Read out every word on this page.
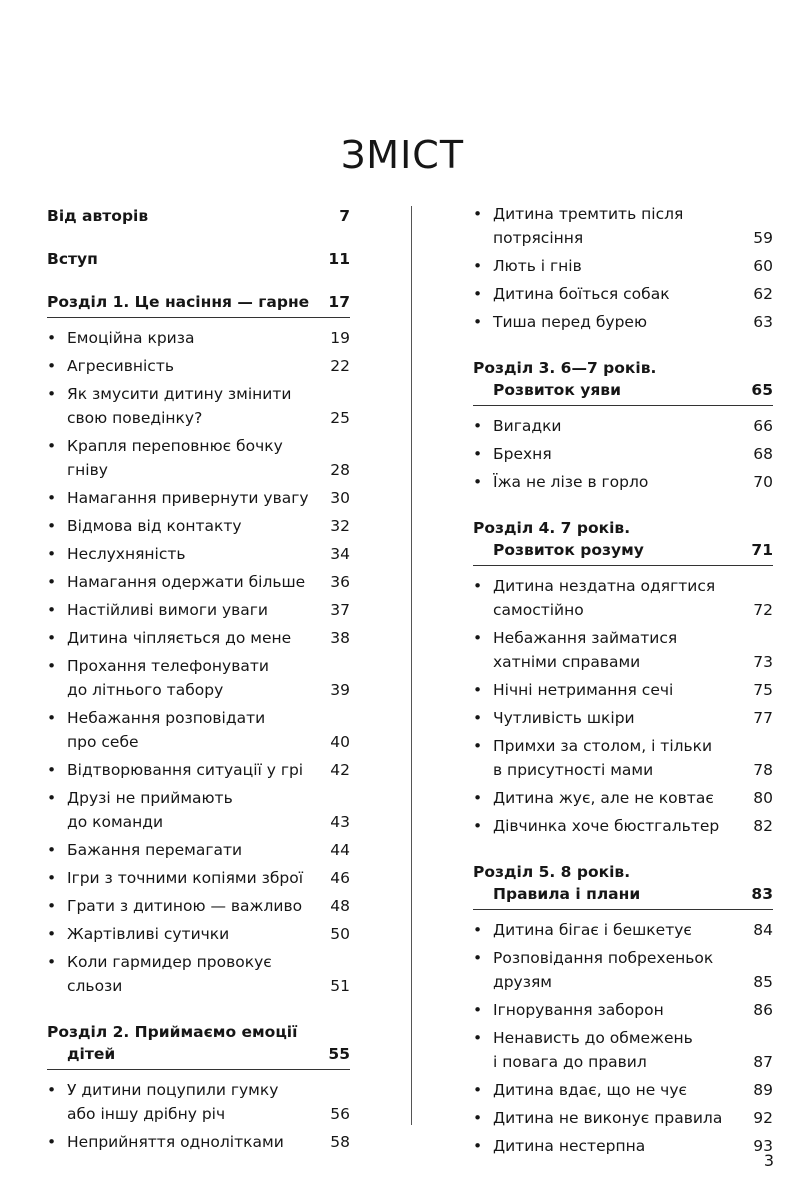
ЗМІСТ
Від авторів	7
Вступ	11
Розділ 1. Це насіння — гарне 17
• Емоційна криза	19
• Агресивність	22
• Як змусити дитину змінити
свою поведінку?	25
• Крапля переповнює бочку
гніву	28
• Намагання привернути увагу	30
• Відмова від контакту	32
• Неслухняність	34
• Намагання одержати більше	36
• Настійливі вимоги уваги	37
• Дитина чіпляється до мене	38
• Прохання телефонувати
до літнього табору	39
• Небажання розповідати
про себе	40
• Відтворювання ситуації у грі	42
• Друзі не приймають
до команди	43
• Бажання перемагати	44
• Ігри з точними копіями зброї	46
• Грати з дитиною — важливо	48
• Жартівливі сутички	50
• Коли гармидер провокує
сльози	51
Розділ 2. Приймаємо емоції
дітей	55
• У дитини поцупили гумку
або іншу дрібну річ	56
• Неприйняття однолітками	58
• Дитина тремтить після
потрясіння	59
• Лють і гнів	60
• Дитина боїться собак	62
• Тиша перед бурею	63
Розділ 3. 6—7 років.
Розвиток уяви	65
• Вигадки	66
• Брехня	68
• Їжа не лізе в горло	70
Розділ 4. 7 років.
Розвиток розуму	71
• Дитина нездатна одягтися
самостійно	72
• Небажання займатися
хатніми справами	73
• Нічні нетримання сечі	75
• Чутливість шкіри	77
• Примхи за столом, і тільки
в присутності мами	78
• Дитина жує, але не ковтає	80
• Дівчинка хоче бюстгальтер	82
Розділ 5. 8 років.
Правила і плани	83
• Дитина бігає і бешкетує	84
• Розповідання побрехеньок
друзям	85
• Ігнорування заборон	86
• Ненависть до обмежень
і повага до правил	87
• Дитина вдає, що не чує	89
• Дитина не виконує правила	92
• Дитина нестерпна	93
3
